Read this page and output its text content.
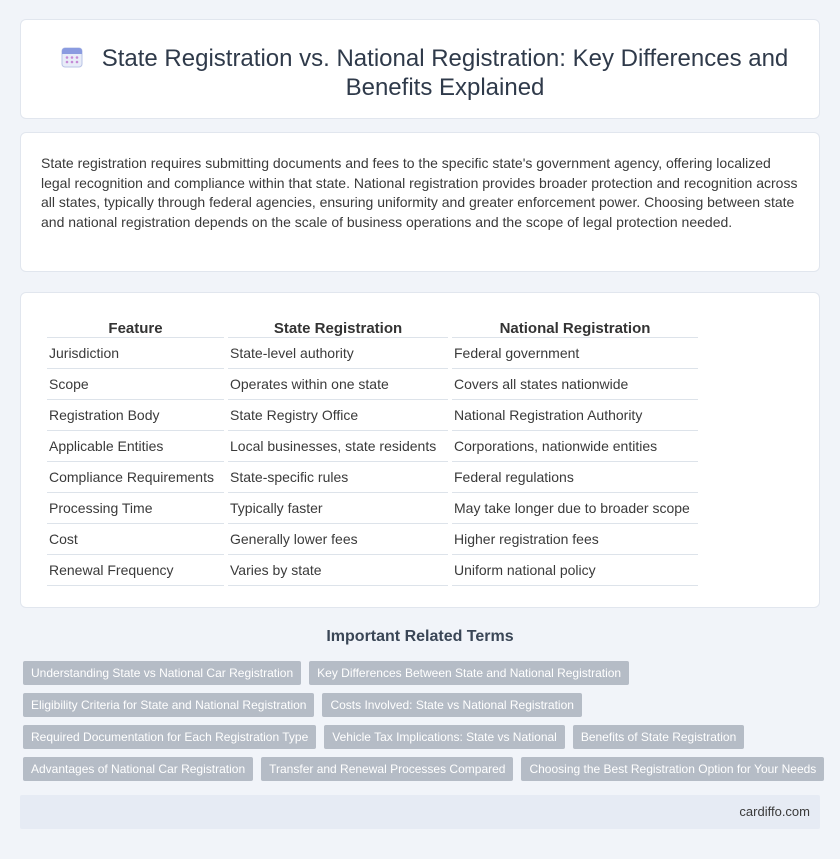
State Registration vs. National Registration: Key Differences and Benefits Explained

State registration requires submitting documents and fees to the specific state's government agency, offering localized legal recognition and compliance within that state. National registration provides broader protection and recognition across all states, typically through federal agencies, ensuring uniformity and greater enforcement power. Choosing between state and national registration depends on the scale of business operations and the scope of legal protection needed.

Feature	State Registration	National Registration
Jurisdiction	State-level authority	Federal government
Scope	Operates within one state	Covers all states nationwide
Registration Body	State Registry Office	National Registration Authority
Applicable Entities	Local businesses, state residents	Corporations, nationwide entities
Compliance Requirements	State-specific rules	Federal regulations
Processing Time	Typically faster	May take longer due to broader scope
Cost	Generally lower fees	Higher registration fees
Renewal Frequency	Varies by state	Uniform national policy
Important Related Terms
Understanding State vs National Car Registration	Key Differences Between State and National Registration
Eligibility Criteria for State and National Registration	Costs Involved: State vs National Registration
Required Documentation for Each Registration Type	Vehicle Tax Implications: State vs National	Benefits of State Registration
Advantages of National Car Registration	Transfer and Renewal Processes Compared	Choosing the Best Registration Option for Your Needs
cardiffo.com
